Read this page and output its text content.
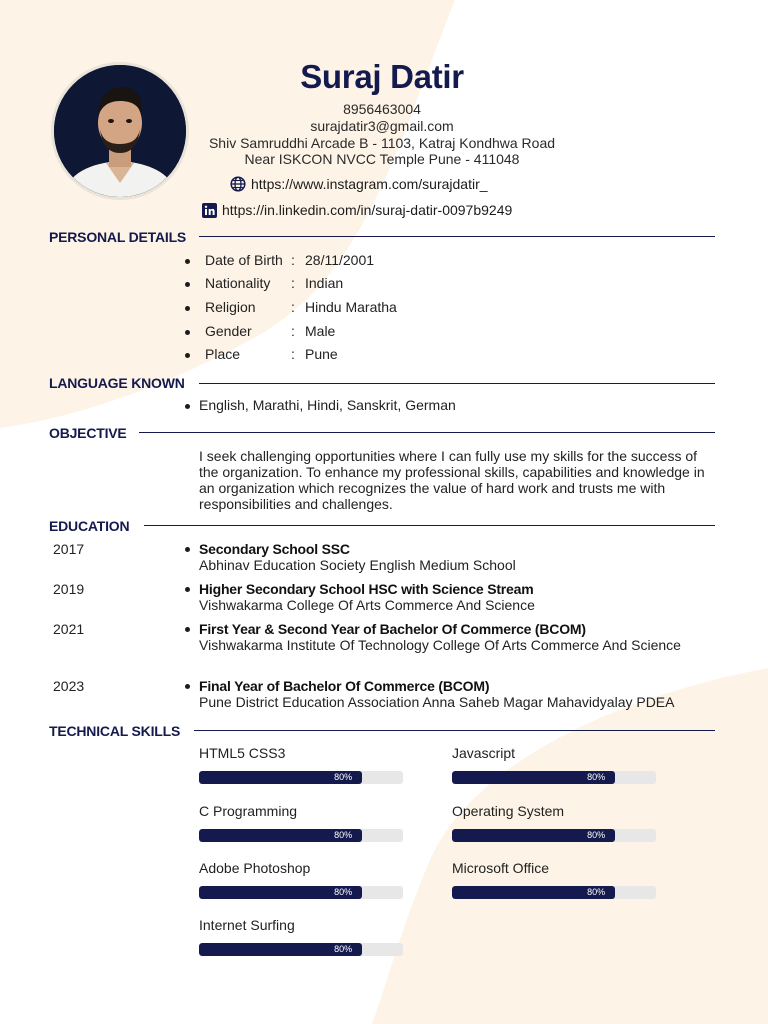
Suraj Datir
8956463004
surajdatir3@gmail.com
Shiv Samruddhi Arcade B - 1103, Katraj Kondhwa Road
Near ISKCON NVCC Temple Pune - 411048
https://www.instagram.com/surajdatir_
https://in.linkedin.com/in/suraj-datir-0097b9249
PERSONAL DETAILS
Date of Birth : 28/11/2001
Nationality : Indian
Religion	: Hindu Maratha
Gender	: Male
Place	: Pune
LANGUAGE KNOWN
English, Marathi, Hindi, Sanskrit, German
OBJECTIVE
I seek challenging opportunities where I can fully use my skills for the success of the organization. To enhance my professional skills, capabilities and knowledge in an organization which recognizes the value of hard work and trusts me with responsibilities and challenges.
EDUCATION
2017	Secondary School SSC
Abhinav Education Society English Medium School
2019	Higher Secondary School HSC with Science Stream
Vishwakarma College Of Arts Commerce And Science
2021	First Year & Second Year of Bachelor Of Commerce (BCOM)
Vishwakarma Institute Of Technology College Of Arts Commerce And Science
2023	Final Year of Bachelor Of Commerce (BCOM)
Pune District Education Association Anna Saheb Magar Mahavidyalay PDEA
TECHNICAL SKILLS
HTML5 CSS3
80%
Javascript
80%
C Programming
80%
Operating System
80%
Adobe Photoshop
80%
Microsoft Office
80%
Internet Surfing
80%
